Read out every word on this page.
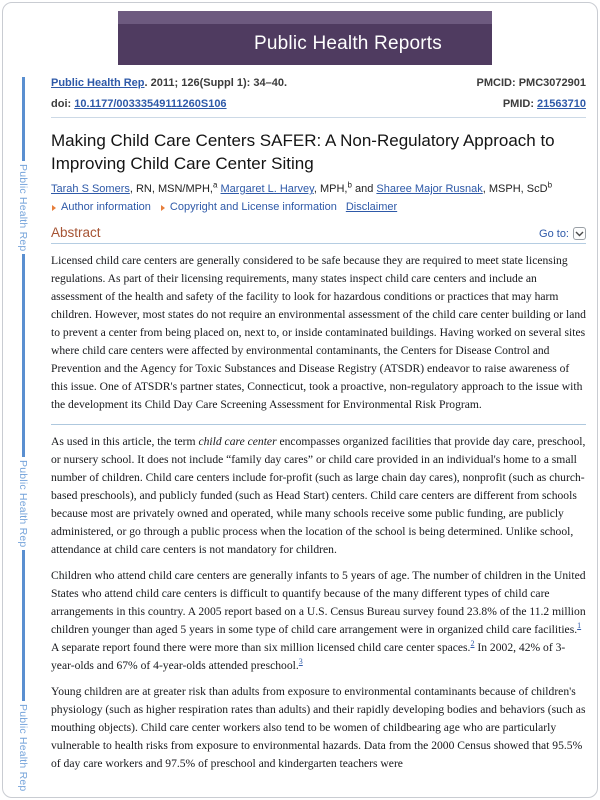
Public Health Reports
Public Health Rep
Public Health Rep
Public Health Rep
Public Health Rep. 2011; 126(Suppl 1): 34–40.
doi: 10.1177/00333549111260S106
PMCID: PMC3072901
PMID: 21563710
Making Child Care Centers SAFER: A Non-Regulatory Approach to Improving Child Care Center Siting
Tarah S Somers, RN, MSN/MPH,$^a$ Margaret L. Harvey, MPH,$^b$ and Sharee Major Rusnak, MSPH, ScD$^b$
Author information Copyright and License information Disclaimer
Abstract	Go to:

Licensed child care centers are generally considered to be safe because they are required to meet state licensing regulations. As part of their licensing requirements, many states inspect child care centers and include an assessment of the health and safety of the facility to look for hazardous conditions or practices that may harm children. However, most states do not require an environmental assessment of the child care center building or land to prevent a center from being placed on, next to, or inside contaminated buildings. Having worked on several sites where child care centers were affected by environmental contaminants, the Centers for Disease Control and Prevention and the Agency for Toxic Substances and Disease Registry (ATSDR) endeavor to raise awareness of this issue. One of ATSDR's partner states, Connecticut, took a proactive, non-regulatory approach to the issue with the development its Child Day Care Screening Assessment for Environmental Risk Program.

As used in this article, the term child care center encompasses organized facilities that provide day care, preschool, or nursery school. It does not include “family day cares” or child care provided in an individual's home to a small number of children. Child care centers include for-profit (such as large chain day cares), nonprofit (such as church-based preschools), and publicly funded (such as Head Start) centers. Child care centers are different from schools because most are privately owned and operated, while many schools receive some public funding, are publicly administered, or go through a public process when the location of the school is being determined. Unlike school, attendance at child care centers is not mandatory for children.

Children who attend child care centers are generally infants to 5 years of age. The number of children in the United States who attend child care centers is difficult to quantify because of the many different types of child care arrangements in this country. A 2005 report based on a U.S. Census Bureau survey found 23.8% of the 11.2 million children younger than aged 5 years in some type of child care arrangement were in organized child care facilities.$^1$ A separate report found there were more than six million licensed child care center spaces.$^2$ In 2002, 42% of 3-year-olds and 67% of 4-year-olds attended preschool.$^3$

Young children are at greater risk than adults from exposure to environmental contaminants because of children's physiology (such as higher respiration rates than adults) and their rapidly developing bodies and behaviors (such as mouthing objects). Child care center workers also tend to be women of childbearing age who are particularly vulnerable to health risks from exposure to environmental hazards. Data from the 2000 Census showed that 95.5% of day care workers and 97.5% of preschool and kindergarten teachers were
